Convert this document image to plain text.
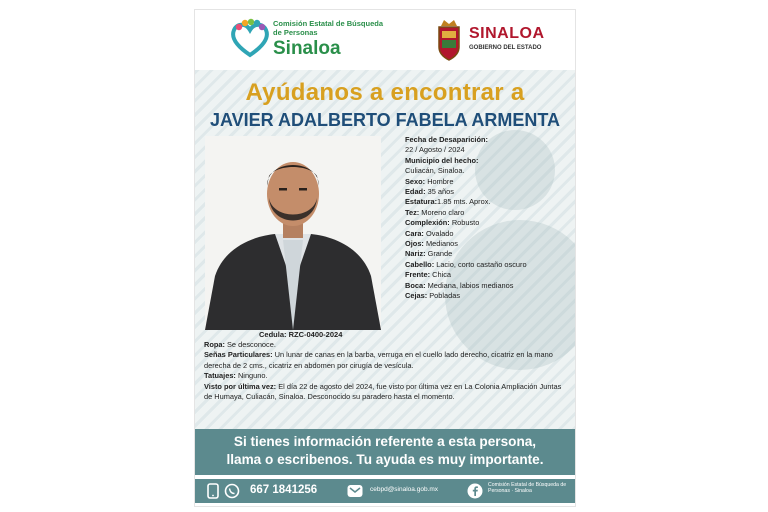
Comisión Estatal de Búsqueda de Personas
Sinaloa
SINALOA
GOBIERNO DEL ESTADO
Ayúdanos a encontrar a
JAVIER ADALBERTO FABELA ARMENTA
Cedula: RZC-0400-2024
Fecha de Desaparición:
22 / Agosto / 2024
Municipio del hecho:
Culiacán, Sinaloa.
Sexo: Hombre
Edad: 35 años
Estatura:1.85 mts. Aprox.
Tez: Moreno claro
Complexión: Robusto
Cara: Ovalado
Ojos: Medianos
Nariz: Grande
Cabello: Lacio, corto castaño oscuro
Frente: Chica
Boca: Mediana, labios medianos
Cejas: Pobladas
Ropa: Se desconoce.
Señas Particulares: Un lunar de canas en la barba, verruga en el cuello lado derecho, cicatriz en la mano derecha de 2 cms., cicatriz en abdomen por cirugía de vesícula.
Tatuajes: Ninguno.
Visto por última vez: El día 22 de agosto del 2024, fue visto por última vez en La Colonia Ampliación Juntas de Humaya, Culiacán, Sinaloa. Desconocido su paradero hasta el momento.
Si tienes información referente a esta persona,
llama o escribenos. Tu ayuda es muy importante.
667 1841256	cebpd@sinaloa.gob.mx
Comisión Estatal de Búsqueda de Personas · Sinaloa
